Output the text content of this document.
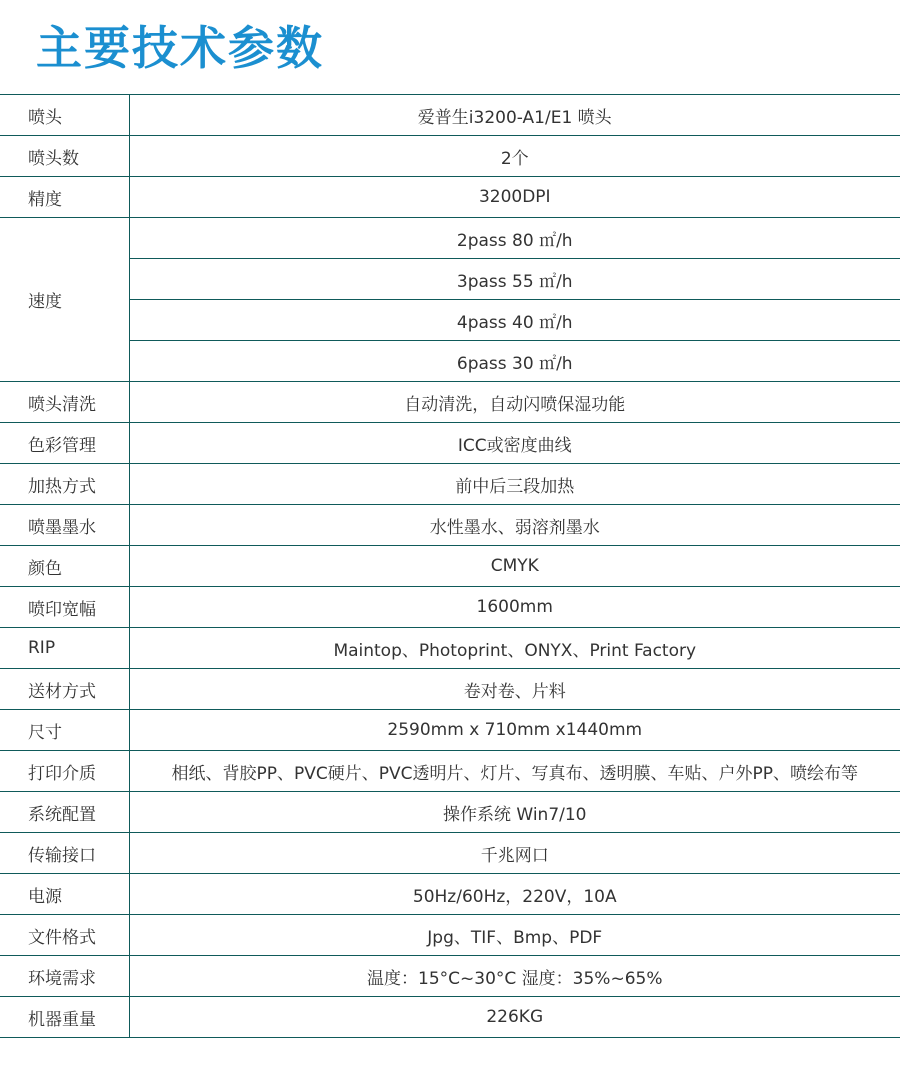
主要技术参数
喷头	爱普生i3200-A1/E1 喷头
喷头数	2个
精度	3200DPI
速度	2pass 80 ㎡/h
	3pass 55 ㎡/h
	4pass 40 ㎡/h
	6pass 30 ㎡/h
喷头清洗	自动清洗，自动闪喷保湿功能
色彩管理	ICC或密度曲线
加热方式	前中后三段加热
喷墨墨水	水性墨水、弱溶剂墨水
颜色	CMYK
喷印宽幅	1600mm
RIP	Maintop、Photoprint、ONYX、Print Factory
送材方式	卷对卷、片料
尺寸	2590mm x 710mm x1440mm
打印介质	相纸、背胶PP、PVC硬片、PVC透明片、灯片、写真布、透明膜、车贴、户外PP、喷绘布等
系统配置	操作系统 Win7/10
传输接口	千兆网口
电源	50Hz/60Hz，220V，10A
文件格式	Jpg、TIF、Bmp、PDF
环境需求	温度：15°C~30°C 湿度：35%~65%
机器重量	226KG
